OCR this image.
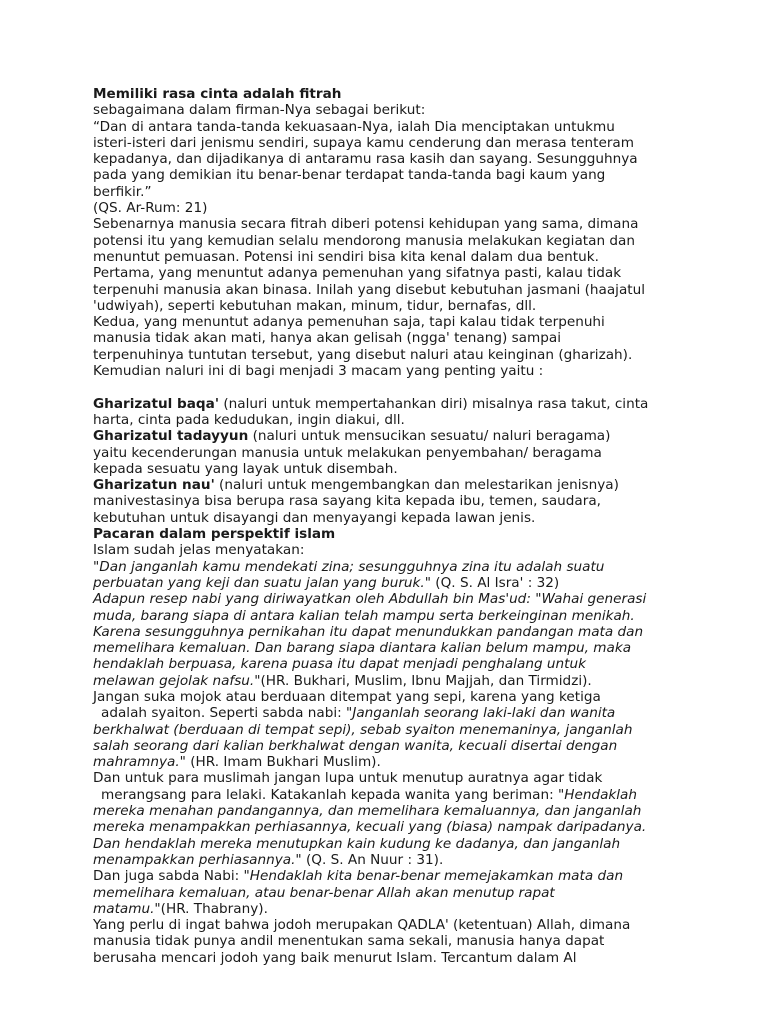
Memiliki rasa cinta adalah fitrah
sebagaimana dalam firman-Nya sebagai berikut:
“Dan di antara tanda-tanda kekuasaan-Nya, ialah Dia menciptakan untukmu
isteri-isteri dari jenismu sendiri, supaya kamu cenderung dan merasa tenteram
kepadanya, dan dijadikanya di antaramu rasa kasih dan sayang. Sesungguhnya
pada yang demikian itu benar-benar terdapat tanda-tanda bagi kaum yang
berfikir.”
(QS. Ar-Rum: 21)
Sebenarnya manusia secara fitrah diberi potensi kehidupan yang sama, dimana
potensi itu yang kemudian selalu mendorong manusia melakukan kegiatan dan
menuntut pemuasan. Potensi ini sendiri bisa kita kenal dalam dua bentuk.
Pertama, yang menuntut adanya pemenuhan yang sifatnya pasti, kalau tidak
terpenuhi manusia akan binasa. Inilah yang disebut kebutuhan jasmani (haajatul
'udwiyah), seperti kebutuhan makan, minum, tidur, bernafas, dll.
Kedua, yang menuntut adanya pemenuhan saja, tapi kalau tidak terpenuhi
manusia tidak akan mati, hanya akan gelisah (ngga' tenang) sampai
terpenuhinya tuntutan tersebut, yang disebut naluri atau keinginan (gharizah).
Kemudian naluri ini di bagi menjadi 3 macam yang penting yaitu :
Gharizatul baqa' (naluri untuk mempertahankan diri) misalnya rasa takut, cinta
harta, cinta pada kedudukan, ingin diakui, dll.
Gharizatul tadayyun (naluri untuk mensucikan sesuatu/ naluri beragama)
yaitu kecenderungan manusia untuk melakukan penyembahan/ beragama
kepada sesuatu yang layak untuk disembah.
Gharizatun nau' (naluri untuk mengembangkan dan melestarikan jenisnya)
manivestasinya bisa berupa rasa sayang kita kepada ibu, temen, saudara,
kebutuhan untuk disayangi dan menyayangi kepada lawan jenis.
Pacaran dalam perspektif islam
Islam sudah jelas menyatakan:
"Dan janganlah kamu mendekati zina; sesungguhnya zina itu adalah suatu
perbuatan yang keji dan suatu jalan yang buruk." (Q. S. Al Isra' : 32)
Adapun resep nabi yang diriwayatkan oleh Abdullah bin Mas'ud: "Wahai generasi
muda, barang siapa di antara kalian telah mampu serta berkeinginan menikah.
Karena sesungguhnya pernikahan itu dapat menundukkan pandangan mata dan
memelihara kemaluan. Dan barang siapa diantara kalian belum mampu, maka
hendaklah berpuasa, karena puasa itu dapat menjadi penghalang untuk
melawan gejolak nafsu."(HR. Bukhari, Muslim, Ibnu Majjah, dan Tirmidzi).
Jangan suka mojok atau berduaan ditempat yang sepi, karena yang ketiga
adalah syaiton. Seperti sabda nabi: "Janganlah seorang laki-laki dan wanita
berkhalwat (berduaan di tempat sepi), sebab syaiton menemaninya, janganlah
salah seorang dari kalian berkhalwat dengan wanita, kecuali disertai dengan
mahramnya." (HR. Imam Bukhari Muslim).
Dan untuk para muslimah jangan lupa untuk menutup auratnya agar tidak
merangsang para lelaki. Katakanlah kepada wanita yang beriman: "Hendaklah
mereka menahan pandangannya, dan memelihara kemaluannya, dan janganlah
mereka menampakkan perhiasannya, kecuali yang (biasa) nampak daripadanya.
Dan hendaklah mereka menutupkan kain kudung ke dadanya, dan janganlah
menampakkan perhiasannya." (Q. S. An Nuur : 31).
Dan juga sabda Nabi: "Hendaklah kita benar-benar memejakamkan mata dan
memelihara kemaluan, atau benar-benar Allah akan menutup rapat
matamu."(HR. Thabrany).
Yang perlu di ingat bahwa jodoh merupakan QADLA' (ketentuan) Allah, dimana
manusia tidak punya andil menentukan sama sekali, manusia hanya dapat
berusaha mencari jodoh yang baik menurut Islam. Tercantum dalam Al
